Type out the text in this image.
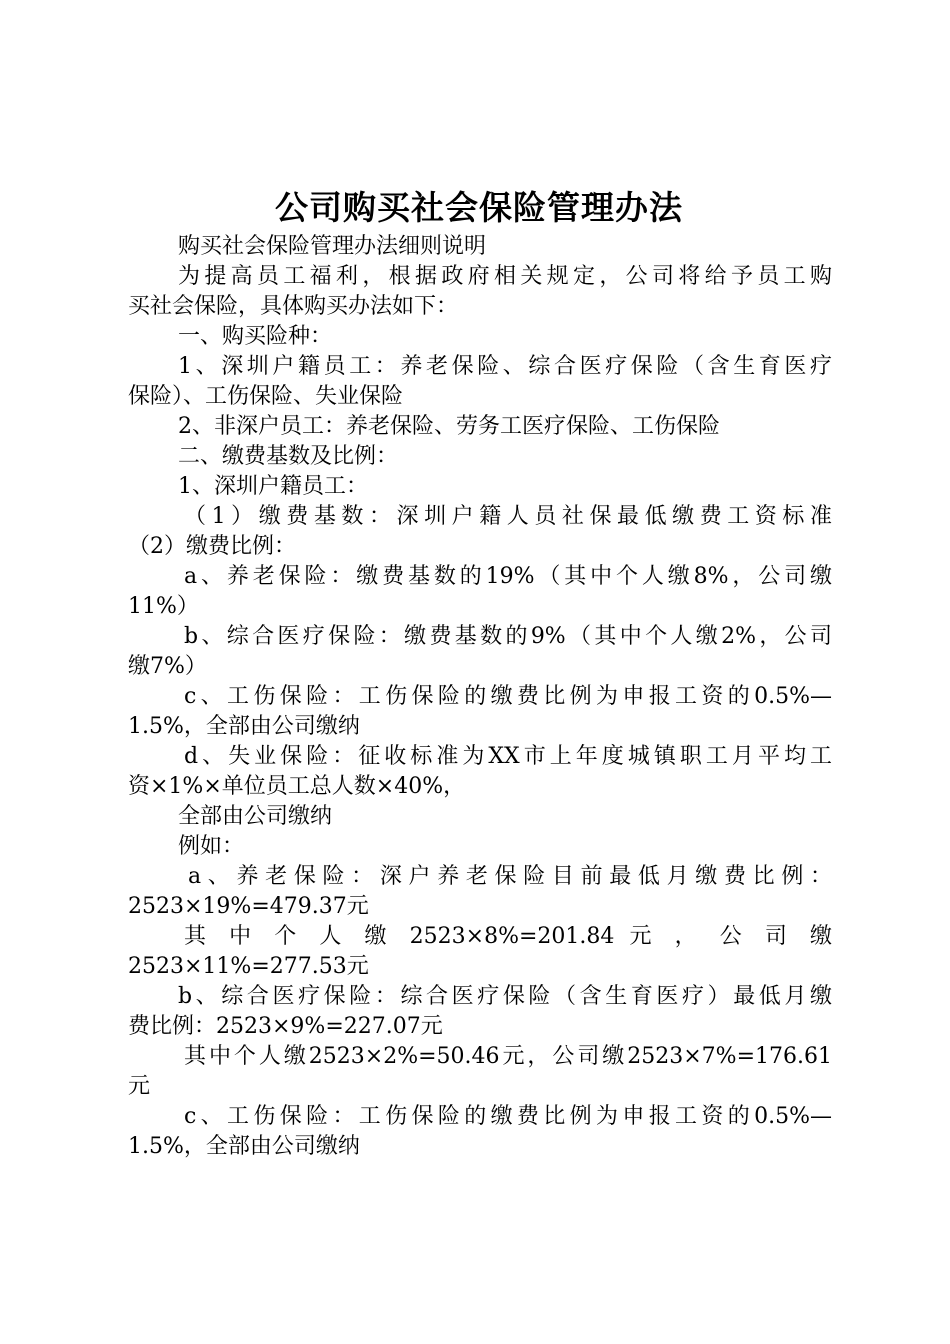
公司购买社会保险管理办法
购买社会保险管理办法细则说明
为提高员工福利，根据政府相关规定，公司将给予员工购
买社会保险，具体购买办法如下：
一、购买险种：
1、深圳户籍员工：养老保险、综合医疗保险（含生育医疗
保险）、工伤保险、失业保险
2、非深户员工：养老保险、劳务工医疗保险、工伤保险
二、缴费基数及比例：
1、深圳户籍员工：
（1）缴费基数：深圳户籍人员社保最低缴费工资标准
（2）缴费比例：
a、养老保险：缴费基数的19%（其中个人缴8%，公司缴
11%）
b、综合医疗保险：缴费基数的9%（其中个人缴2%，公司
缴7%）
c、工伤保险：工伤保险的缴费比例为申报工资的0.5%—
1.5%，全部由公司缴纳
d、失业保险：征收标准为XX市上年度城镇职工月平均工
资×1%×单位员工总人数×40%，
全部由公司缴纳
例如：
a、养老保险：深户养老保险目前最低月缴费比例：
2523×19%=479.37元
其 中 个 人 缴 2523×8%=201.84 元 ， 公 司 缴
2523×11%=277.53元
b、综合医疗保险：综合医疗保险（含生育医疗）最低月缴
费比例：2523×9%=227.07元
其中个人缴2523×2%=50.46元，公司缴2523×7%=176.61
元
c、工伤保险：工伤保险的缴费比例为申报工资的0.5%—
1.5%，全部由公司缴纳
